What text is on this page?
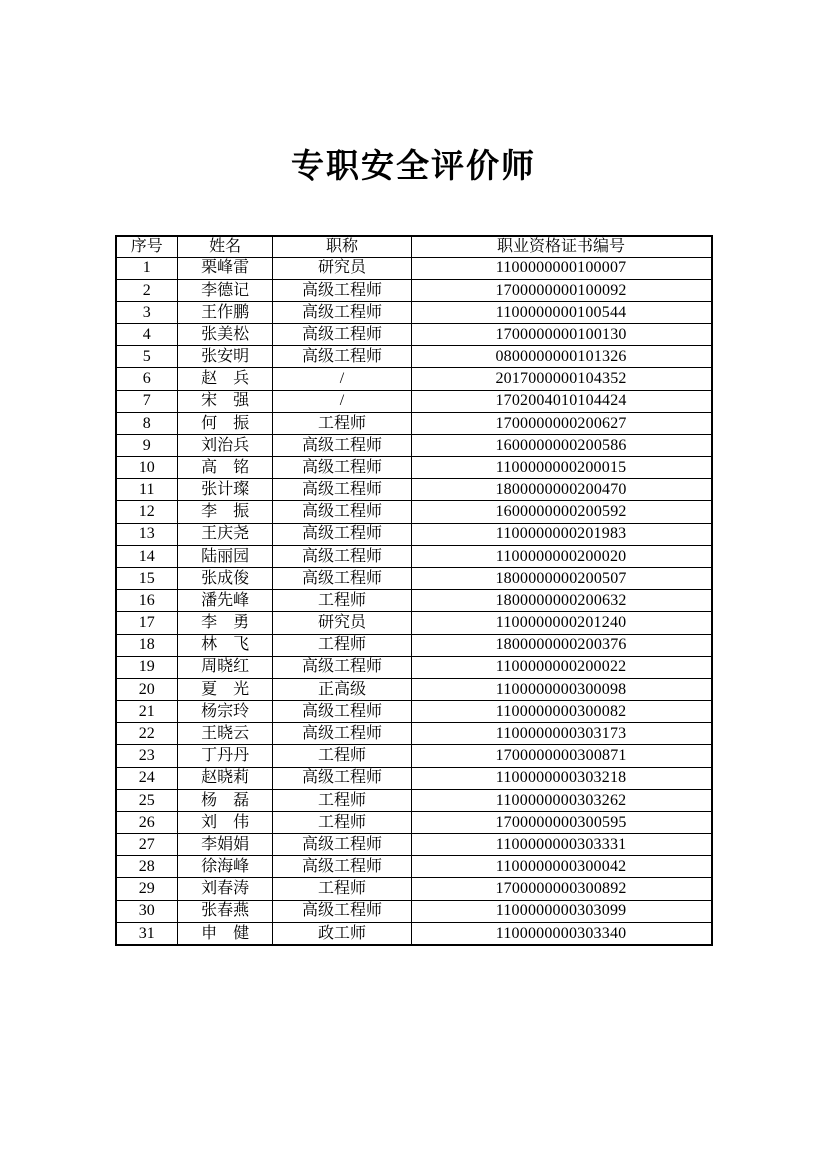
专职安全评价师
序号	姓名	职称	职业资格证书编号
1	栗峰雷	研究员	1100000000100007
2	李德记	高级工程师	1700000000100092
3	王作鹏	高级工程师	1100000000100544
4	张美松	高级工程师	1700000000100130
5	张安明	高级工程师	0800000000101326
6	赵　兵	/	2017000000104352
7	宋　强	/	1702004010104424
8	何　振	工程师	1700000000200627
9	刘治兵	高级工程师	1600000000200586
10	高　铭	高级工程师	1100000000200015
11	张计璨	高级工程师	1800000000200470
12	李　振	高级工程师	1600000000200592
13	王庆尧	高级工程师	1100000000201983
14	陆丽园	高级工程师	1100000000200020
15	张成俊	高级工程师	1800000000200507
16	潘先峰	工程师	1800000000200632
17	李　勇	研究员	1100000000201240
18	林　飞	工程师	1800000000200376
19	周晓红	高级工程师	1100000000200022
20	夏　光	正高级	1100000000300098
21	杨宗玲	高级工程师	1100000000300082
22	王晓云	高级工程师	1100000000303173
23	丁丹丹	工程师	1700000000300871
24	赵晓莉	高级工程师	1100000000303218
25	杨　磊	工程师	1100000000303262
26	刘　伟	工程师	1700000000300595
27	李娟娟	高级工程师	1100000000303331
28	徐海峰	高级工程师	1100000000300042
29	刘春涛	工程师	1700000000300892
30	张春燕	高级工程师	1100000000303099
31	申　健	政工师	1100000000303340
